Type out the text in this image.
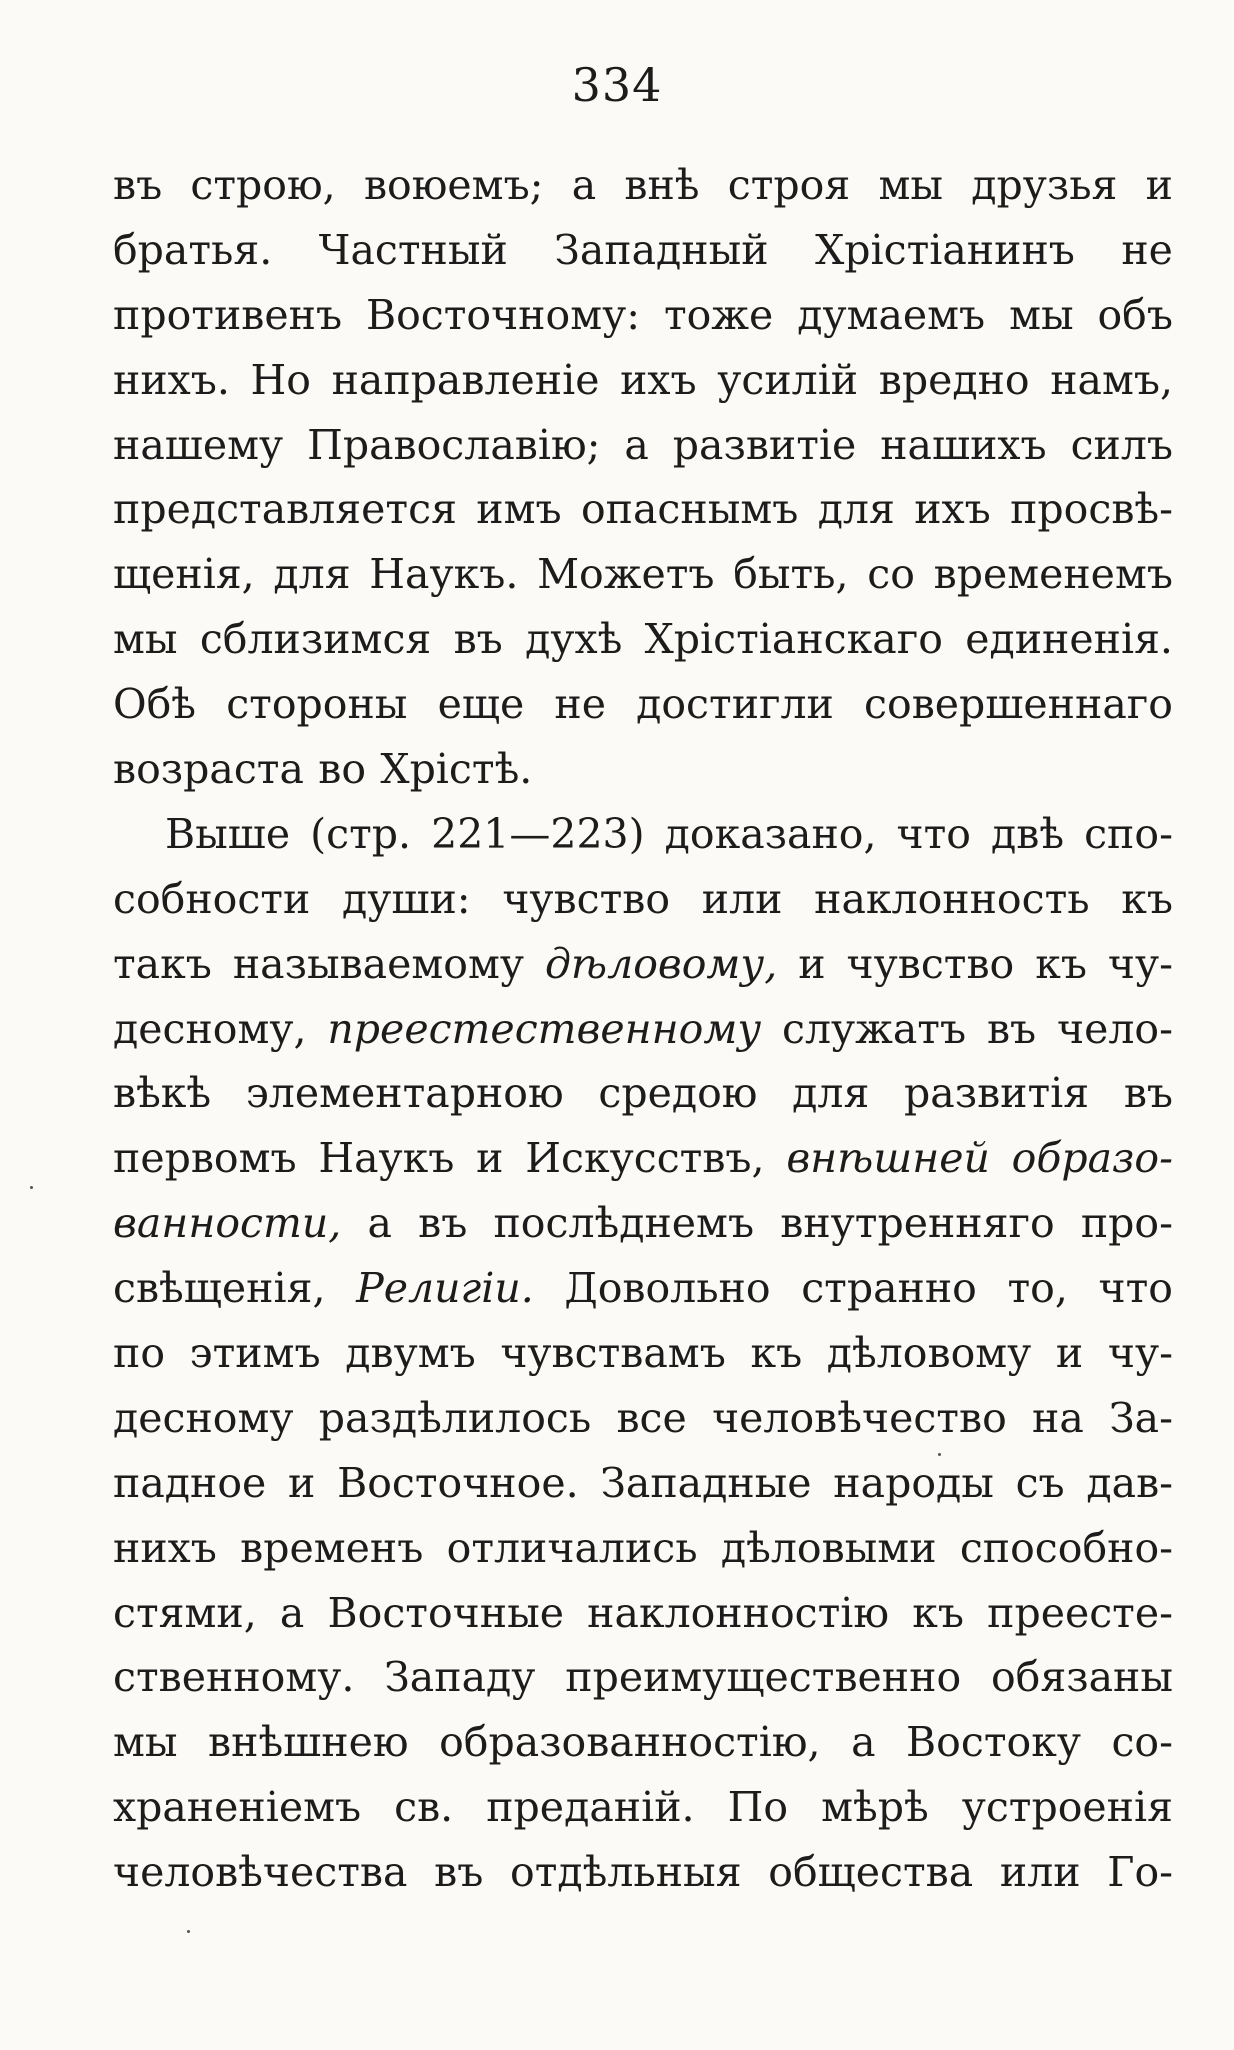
334
въ строю, воюемъ; а внѣ строя мы друзья и
братья. Частный Западный Хрістіанинъ не
противенъ Восточному: тоже думаемъ мы объ
нихъ. Но направленіе ихъ усилій вредно намъ,
нашему Православію; а развитіе нашихъ силъ
представляется имъ опаснымъ для ихъ просвѣ-
щенія, для Наукъ. Можетъ быть, со временемъ
мы сблизимся въ духѣ Хрістіанскаго единенія.
Обѣ стороны еще не достигли совершеннаго
возраста во Хрістѣ.
Выше (стр. 221—223) доказано, что двѣ спо-
собности души: чувство или наклонность къ
такъ называемому дѣловому, и чувство къ чу-
десному, преестественному служатъ въ чело-
вѣкѣ элементарною средою для развитія въ
первомъ Наукъ и Искусствъ, внѣшней образо-
ванности, а въ послѣднемъ внутренняго про-
свѣщенія, Религіи. Довольно странно то, что
по этимъ двумъ чувствамъ къ дѣловому и чу-
десному раздѣлилось все человѣчество на За-
падное и Восточное. Западные народы съ дав-
нихъ временъ отличались дѣловыми способно-
стями, а Восточные наклонностію къ преесте-
ственному. Западу преимущественно обязаны
мы внѣшнею образованностію, а Востоку со-
храненіемъ св. преданій. По мѣрѣ устроенія
человѣчества въ отдѣльныя общества или Го-
